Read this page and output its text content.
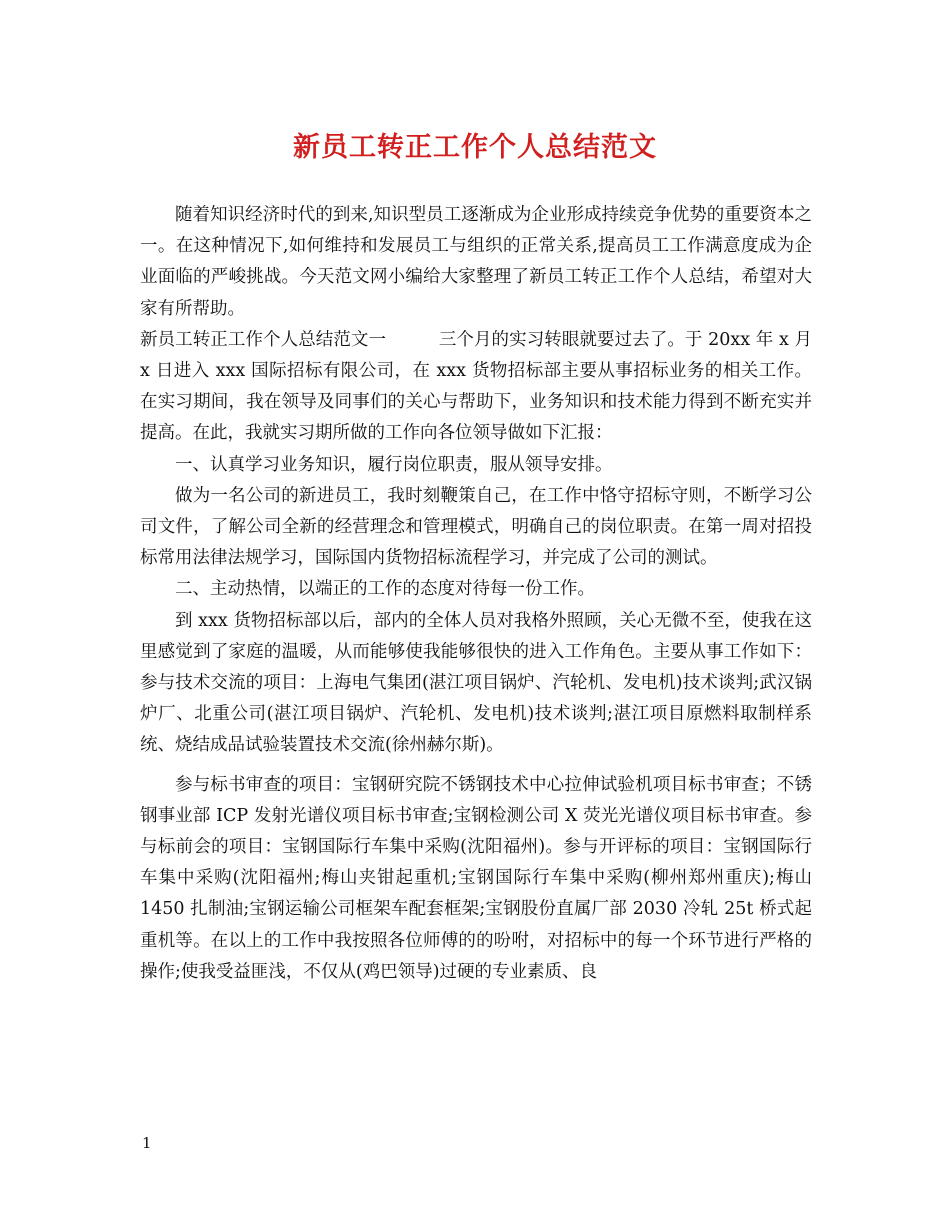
新员工转正工作个人总结范文

随着知识经济时代的到来,知识型员工逐渐成为企业形成持续竞争优势的重要资本之一。在这种情况下,如何维持和发展员工与组织的正常关系,提高员工工作满意度成为企业面临的严峻挑战。今天范文网小编给大家整理了新员工转正工作个人总结，希望对大家有所帮助。

新员工转正工作个人总结范文一　　　三个月的实习转眼就要过去了。于 20xx 年 x 月 x 日进入 xxx 国际招标有限公司，在 xxx 货物招标部主要从事招标业务的相关工作。在实习期间，我在领导及同事们的关心与帮助下，业务知识和技术能力得到不断充实并提高。在此，我就实习期所做的工作向各位领导做如下汇报：

一、认真学习业务知识，履行岗位职责，服从领导安排。

做为一名公司的新进员工，我时刻鞭策自己，在工作中恪守招标守则，不断学习公司文件，了解公司全新的经营理念和管理模式，明确自己的岗位职责。在第一周对招投标常用法律法规学习，国际国内货物招标流程学习，并完成了公司的测试。

二、主动热情，以端正的工作的态度对待每一份工作。

到 xxx 货物招标部以后，部内的全体人员对我格外照顾，关心无微不至，使我在这里感觉到了家庭的温暖，从而能够使我能够很快的进入工作角色。主要从事工作如下：参与技术交流的项目：上海电气集团(湛江项目锅炉、汽轮机、发电机)技术谈判;武汉锅炉厂、北重公司(湛江项目锅炉、汽轮机、发电机)技术谈判;湛江项目原燃料取制样系统、烧结成品试验装置技术交流(徐州赫尔斯)。

参与标书审查的项目：宝钢研究院不锈钢技术中心拉伸试验机项目标书审查；不锈钢事业部 ICP 发射光谱仪项目标书审查;宝钢检测公司 X 荧光光谱仪项目标书审查。参与标前会的项目：宝钢国际行车集中采购(沈阳福州)。参与开评标的项目：宝钢国际行车集中采购(沈阳福州;梅山夹钳起重机;宝钢国际行车集中采购(柳州郑州重庆);梅山 1450 扎制油;宝钢运输公司框架车配套框架;宝钢股份直属厂部 2030 冷轧 25t 桥式起重机等。在以上的工作中我按照各位师傅的的吩咐，对招标中的每一个环节进行严格的操作;使我受益匪浅，不仅从(鸡巴领导)过硬的专业素质、良

1
